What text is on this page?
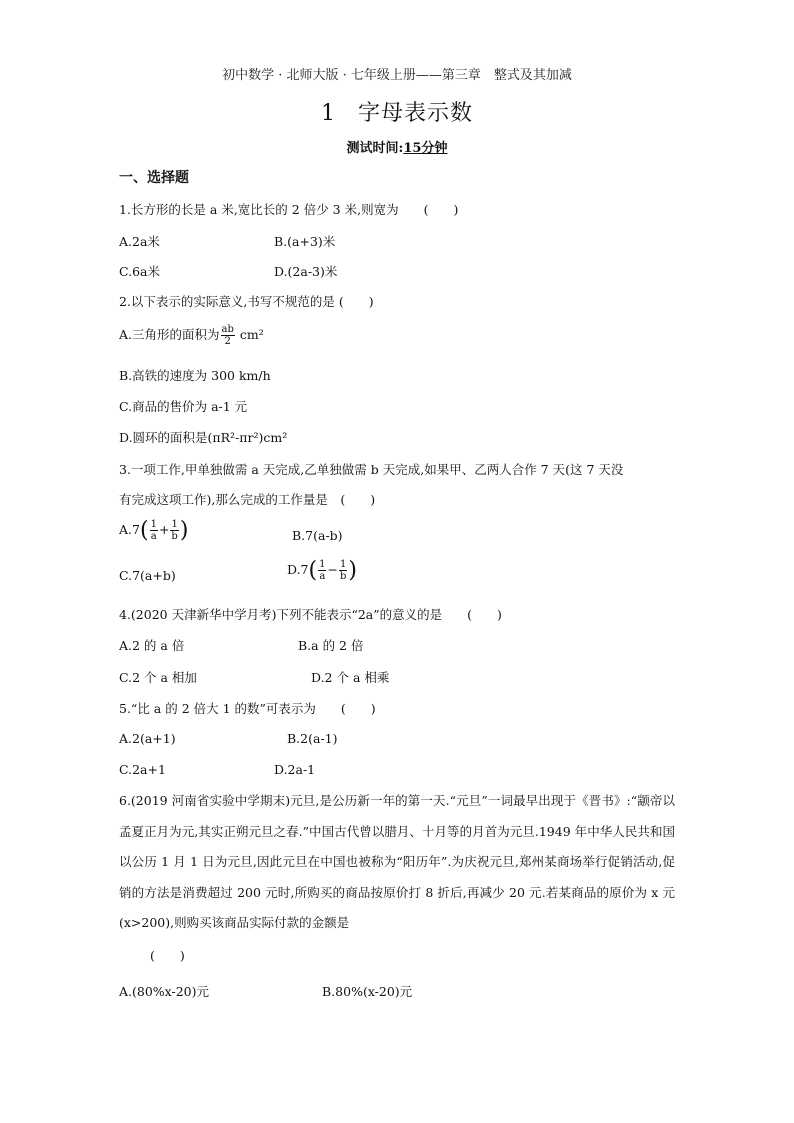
初中数学 · 北师大版 · 七年级上册——第三章　整式及其加减
1 字母表示数
测试时间:15分钟
一、选择题
1.长方形的长是 a 米,宽比长的 2 倍少 3 米,则宽为　　(　　)
A.2a米	B.(a+3)米
C.6a米	D.(2a-3)米
2.以下表示的实际意义,书写不规范的是 (　　)
A.三角形的面积为 $\frac{ab}{2} cm^2$
B.高铁的速度为 300 km/h
C.商品的售价为 a-1 元
D.圆环的面积是(πR²-πr²)cm²
3.一项工作,甲单独做需 a 天完成,乙单独做需 b 天完成,如果甲、乙两人合作 7 天(这 7 天没
有完成这项工作),那么完成的工作量是　(　　)
$A.7( \frac{1}{a} + \frac{1}{b}$ )	B.7(a-b)
C.7(a+b)	$D.7( \frac{1}{a} - \frac{1}{b}$ )
4.(2020 天津新华中学月考)下列不能表示“2a”的意义的是　　(　　)
A.2 的 a 倍	B.a 的 2 倍
C.2 个 a 相加	D.2 个 a 相乘
5.“比 a 的 2 倍大 1 的数”可表示为　　(　　)
A.2(a+1)	B.2(a-1)
C.2a+1	D.2a-1
6.(2019 河南省实验中学期末)元旦,是公历新一年的第一天.“元旦”一词最早出现于《晋书》:“颛帝以孟夏正月为元,其实正朔元旦之春.”中国古代曾以腊月、十月等的月首为元旦.1949 年中华人民共和国以公历 1 月 1 日为元旦,因此元旦在中国也被称为“阳历年”.为庆祝元旦,郑州某商场举行促销活动,促销的方法是消费超过 200 元时,所购买的商品按原价打 8 折后,再减少 20 元.若某商品的原价为 x 元(x>200),则购买该商品实际付款的金额是
(　　)
A.(80%x-20)元	B.80%(x-20)元
